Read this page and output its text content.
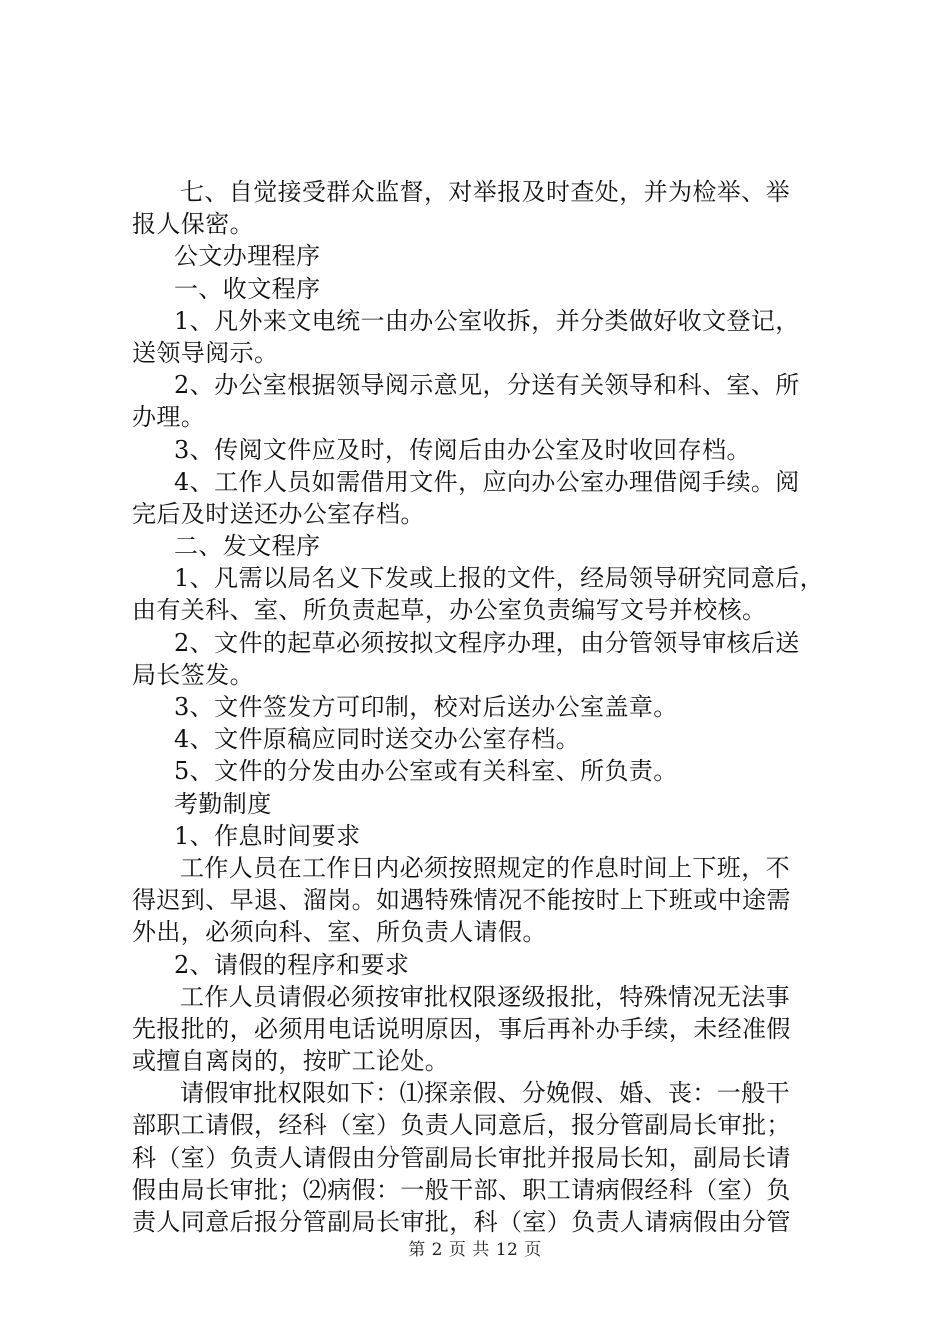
七、自觉接受群众监督，对举报及时查处，并为检举、举
报人保密。
公文办理程序
一、收文程序
1、凡外来文电统一由办公室收拆，并分类做好收文登记，
送领导阅示。
2、办公室根据领导阅示意见，分送有关领导和科、室、所
办理。
3、传阅文件应及时，传阅后由办公室及时收回存档。
4、工作人员如需借用文件，应向办公室办理借阅手续。阅
完后及时送还办公室存档。
二、发文程序
1、凡需以局名义下发或上报的文件，经局领导研究同意后，
由有关科、室、所负责起草，办公室负责编写文号并校核。
2、文件的起草必须按拟文程序办理，由分管领导审核后送
局长签发。
3、文件签发方可印制，校对后送办公室盖章。
4、文件原稿应同时送交办公室存档。
5、文件的分发由办公室或有关科室、所负责。
考勤制度
1、作息时间要求
工作人员在工作日内必须按照规定的作息时间上下班，不
得迟到、早退、溜岗。如遇特殊情况不能按时上下班或中途需
外出，必须向科、室、所负责人请假。
2、请假的程序和要求
工作人员请假必须按审批权限逐级报批，特殊情况无法事
先报批的，必须用电话说明原因，事后再补办手续，未经准假
或擅自离岗的，按旷工论处。
请假审批权限如下：⑴探亲假、分娩假、婚、丧：一般干
部职工请假，经科（室）负责人同意后，报分管副局长审批；
科（室）负责人请假由分管副局长审批并报局长知，副局长请
假由局长审批；⑵病假：一般干部、职工请病假经科（室）负
责人同意后报分管副局长审批，科（室）负责人请病假由分管
第 2 页 共 12 页
